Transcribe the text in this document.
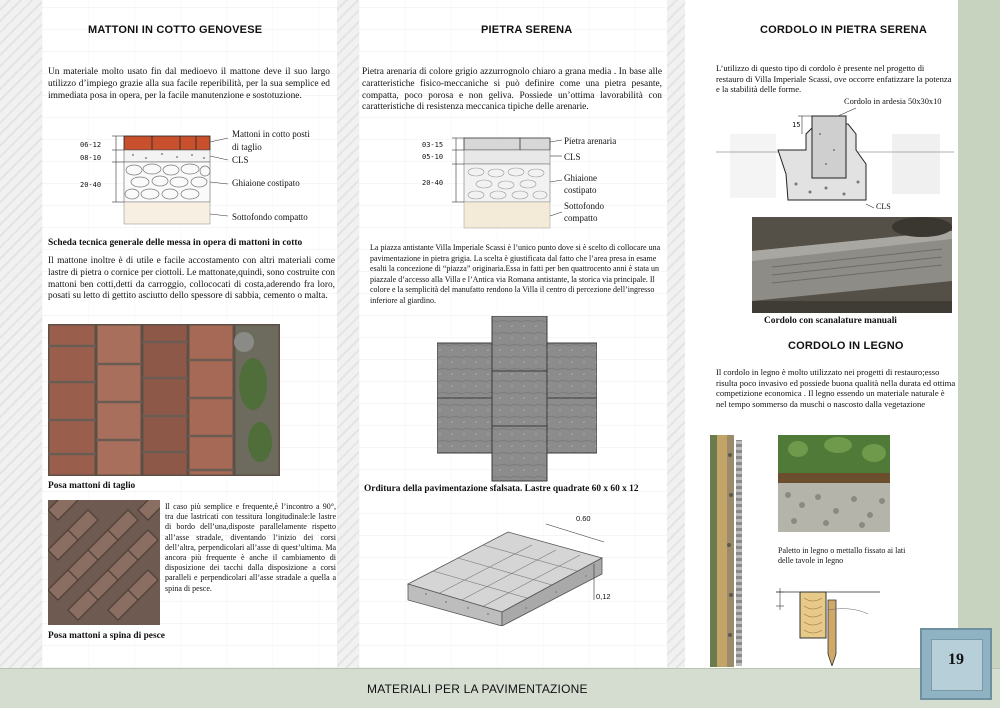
MATTONI IN COTTO GENOVESE

Un materiale molto usato fin dal medioevo il mattone deve il suo largo utilizzo d’impiego grazie alla sua facile reperibilità, per la sua semplice ed immediata posa in opera, per la facile manutenzione e sostotuzione.

06-12
08-10
20-40
Mattoni in cotto posti di taglio
CLS
Ghiaione costipato
Sottofondo compatto

Scheda tecnica generale delle messa in opera di mattoni in cotto

Il mattone inoltre è di utile e facile accostamento con altri materiali come lastre di pietra o cornice per ciottoli. Le mattonate,quindi, sono costruite con mattoni ben cotti,detti da carroggio, collococati di costa,aderendo fra loro, posati su letto di gettito asciutto dello spessore di sabbia, cemento o malta.

Posa mattoni di taglio

Il caso più semplice e frequente,è l’incontro a 90°, tra due lastricati con tessitura longitudinale:le lastre di bordo dell’una,disposte parallelamente rispetto all’asse stradale, diventando l’inizio dei corsi dell’altra, perpendicolari all’asse di quest’ultima. Ma ancora più frequente è anche il cambiamento di disposizione dei tacchi dalla disposizione a corsi paralleli e perpendicolari all’asse stradale a quella a spina di pesce.

Posa mattoni a spina di pesce

PIETRA SERENA

Pietra arenaria di colore grigio azzurrognolo chiaro a grana media . In base alle caratteristiche fisico-meccaniche si può definire come una pietra pesante, compatta, poco porosa e non geliva. Possiede un’ottima lavorabilità con caratteristiche di resistenza meccanica tipiche delle arenarie.

03-15
05-10
20-40
Pietra arenaria
CLS
Ghiaione costipato
Sottofondo compatto

La piazza antistante Villa Imperiale Scassi è l’unico punto dove si è scelto di collocare una pavimentazione in pietra grigia. La scelta è giustificata dal fatto che l’area presa in esame esalti la concezione di “piazza” originaria.Essa in fatti per ben quattrocento anni è stata un piazzale d’accesso alla Villa e l’Antica via Romana antistante, la storica via principale. Il colore e la semplicità del manufatto rendono la Villa il centro di percezione dell’ingresso inferiore al giardino.

Orditura della pavimentazione sfalsata. Lastre quadrate 60 x 60 x 12

0.60
0,12
CORDOLO IN PIETRA SERENA

L’utilizzo di questo tipo di cordolo è presente nel progetto di restauro di Villa Imperiale Scassi, ove occorre enfatizzare la potenza e la stabilità delle forme.

Cordolo in ardesia 50x30x10
CLS
15

Cordolo con scanalature manuali

CORDOLO IN LEGNO

Il cordolo in legno è molto utilizzato nei progetti di restauro;esso risulta poco invasivo ed possiede buona qualità nella durata ed ottima competizione economica . Il legno essendo un materiale naturale è nel tempo sommerso da muschi o nascosto dalla vegetazione

Paletto in legno o mettallo fissato ai lati delle tavole in legno

MATERIALI PER LA PAVIMENTAZIONE
19
